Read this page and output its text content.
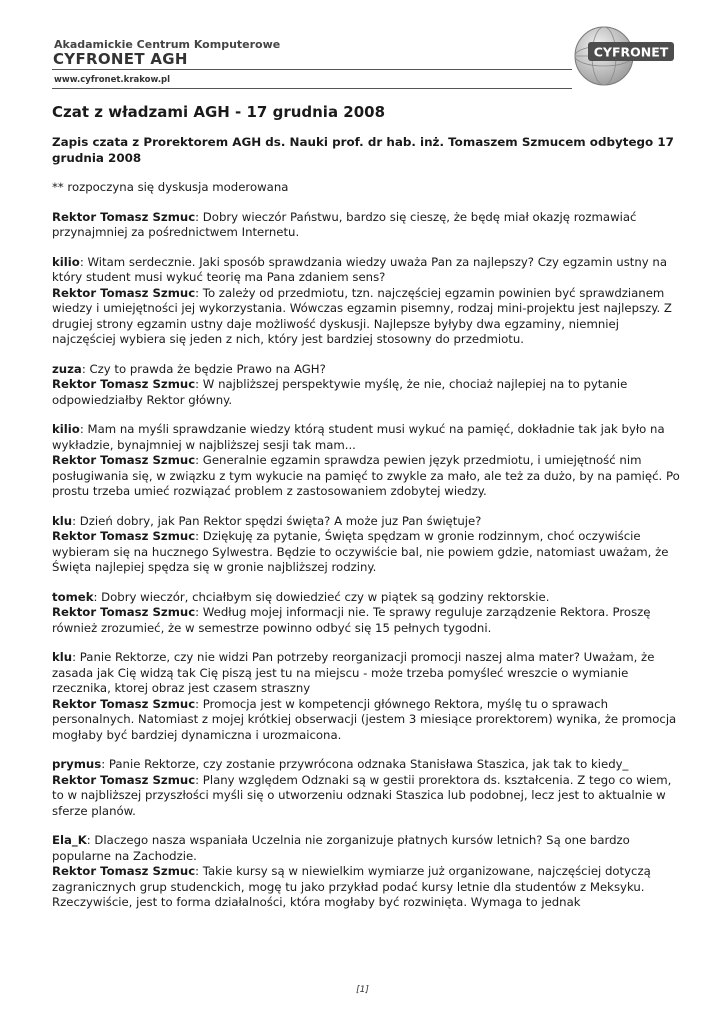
Akadamickie Centrum Komputerowe
CYFRONET AGH
www.cyfronet.krakow.pl
CYFRONET
Czat z władzami AGH - 17 grudnia 2008
Zapis czata z Prorektorem AGH ds. Nauki prof. dr hab. inż. Tomaszem Szmucem odbytego 17 grudnia 2008
** rozpoczyna się dyskusja moderowana

Rektor Tomasz Szmuc: Dobry wieczór Państwu, bardzo się cieszę, że będę miał okazję rozmawiać przynajmniej za pośrednictwem Internetu.

kilio: Witam serdecznie. Jaki sposób sprawdzania wiedzy uważa Pan za najlepszy? Czy egzamin ustny na który student musi wykuć teorię ma Pana zdaniem sens?

Rektor Tomasz Szmuc: To zależy od przedmiotu, tzn. najczęściej egzamin powinien być sprawdzianem wiedzy i umiejętności jej wykorzystania. Wówczas egzamin pisemny, rodzaj mini-projektu jest najlepszy. Z drugiej strony egzamin ustny daje możliwość dyskusji. Najlepsze byłyby dwa egzaminy, niemniej najczęściej wybiera się jeden z nich, który jest bardziej stosowny do przedmiotu.

zuza: Czy to prawda że będzie Prawo na AGH?

Rektor Tomasz Szmuc: W najbliższej perspektywie myślę, że nie, chociaż najlepiej na to pytanie odpowiedziałby Rektor główny.

kilio: Mam na myśli sprawdzanie wiedzy którą student musi wykuć na pamięć, dokładnie tak jak było na wykładzie, bynajmniej w najbliższej sesji tak mam...

Rektor Tomasz Szmuc: Generalnie egzamin sprawdza pewien język przedmiotu, i umiejętność nim posługiwania się, w związku z tym wykucie na pamięć to zwykle za mało, ale też za dużo, by na pamięć. Po prostu trzeba umieć rozwiązać problem z zastosowaniem zdobytej wiedzy.

klu: Dzień dobry, jak Pan Rektor spędzi święta? A może juz Pan świętuje?

Rektor Tomasz Szmuc: Dziękuję za pytanie, Święta spędzam w gronie rodzinnym, choć oczywiście wybieram się na hucznego Sylwestra. Będzie to oczywiście bal, nie powiem gdzie, natomiast uważam, że Święta najlepiej spędza się w gronie najbliższej rodziny.

tomek: Dobry wieczór, chciałbym się dowiedzieć czy w piątek są godziny rektorskie.

Rektor Tomasz Szmuc: Według mojej informacji nie. Te sprawy reguluje zarządzenie Rektora. Proszę również zrozumieć, że w semestrze powinno odbyć się 15 pełnych tygodni.

klu: Panie Rektorze, czy nie widzi Pan potrzeby reorganizacji promocji naszej alma mater? Uważam, że zasada jak Cię widzą tak Cię piszą jest tu na miejscu - może trzeba pomyśleć wreszcie o wymianie rzecznika, ktorej obraz jest czasem straszny

Rektor Tomasz Szmuc: Promocja jest w kompetencji głównego Rektora, myślę tu o sprawach personalnych. Natomiast z mojej krótkiej obserwacji (jestem 3 miesiące prorektorem) wynika, że promocja mogłaby być bardziej dynamiczna i urozmaicona.

prymus: Panie Rektorze, czy zostanie przywrócona odznaka Stanisława Staszica, jak tak to kiedy_

Rektor Tomasz Szmuc: Plany względem Odznaki są w gestii prorektora ds. kształcenia. Z tego co wiem, to w najbliższej przyszłości myśli się o utworzeniu odznaki Staszica lub podobnej, lecz jest to aktualnie w sferze planów.

Ela_K: Dlaczego nasza wspaniała Uczelnia nie zorganizuje płatnych kursów letnich? Są one bardzo popularne na Zachodzie.

Rektor Tomasz Szmuc: Takie kursy są w niewielkim wymiarze już organizowane, najczęściej dotyczą zagranicznych grup studenckich, mogę tu jako przykład podać kursy letnie dla studentów z Meksyku. Rzeczywiście, jest to forma działalności, która mogłaby być rozwinięta. Wymaga to jednak

[1]
